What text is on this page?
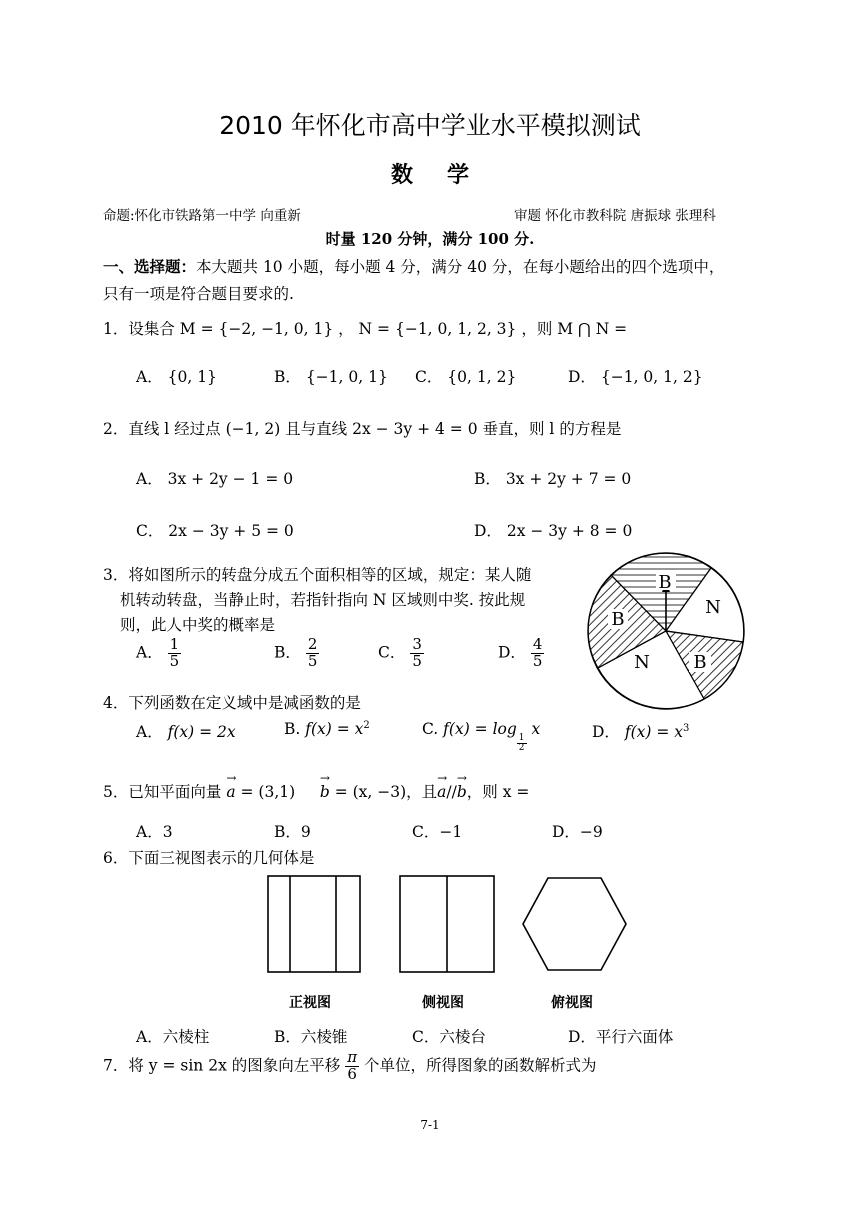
2010 年怀化市高中学业水平模拟测试
数学
命题:怀化市铁路第一中学 向重新	审题 怀化市教科院 唐振球 张理科
时量 120 分钟，满分 100 分.
一、选择题：本大题共 10 小题，每小题 4 分，满分 40 分，在每小题给出的四个选项中，
只有一项是符合题目要求的.
1．设集合 M = {−2, −1, 0, 1} ， N = {−1, 0, 1, 2, 3} ，则 M ⋂ N =
A． {0, 1}	B． {−1, 0, 1} C． {0, 1, 2}	D． {−1, 0, 1, 2}
2．直线 l 经过点 (−1, 2) 且与直线 2x − 3y + 4 = 0 垂直，则 l 的方程是
A． 3x + 2y − 1 = 0	B． 3x + 2y + 7 = 0
C． 2x − 3y + 5 = 0	D． 2x − 3y + 8 = 0
3．将如图所示的转盘分成五个面积相等的区域，规定：某人随
机转动转盘，当静止时，若指针指向 N 区域则中奖. 按此规
则，此人中奖的概率是
A． $\frac{1}{5}$	B． $\frac{2}{5}$	C． $\frac{3}{5}$	D． $\frac{4}{5}$
B
N
B
N
B
4．下列函数在定义域中是减函数的是
A． f(x) = 2x	B. $f(x) = x^2$	C. f(x) = log
$\frac{1}{2}$
x	D． $f(x) = x^3$
5．已知平面向量
→
a = (3,1)
→
b = (x, −3)，且
→
a//
→
b，则 x =
A．3	B．9	C．−1	D．−9
6．下面三视图表示的几何体是
正视图	侧视图	俯视图
A．六棱柱	B．六棱锥	C．六棱台	D．平行六面体
7．将 y = sin 2x 的图象向左平移 $\frac{\pi}{6}$ 个单位，所得图象的函数解析式为
7-1
